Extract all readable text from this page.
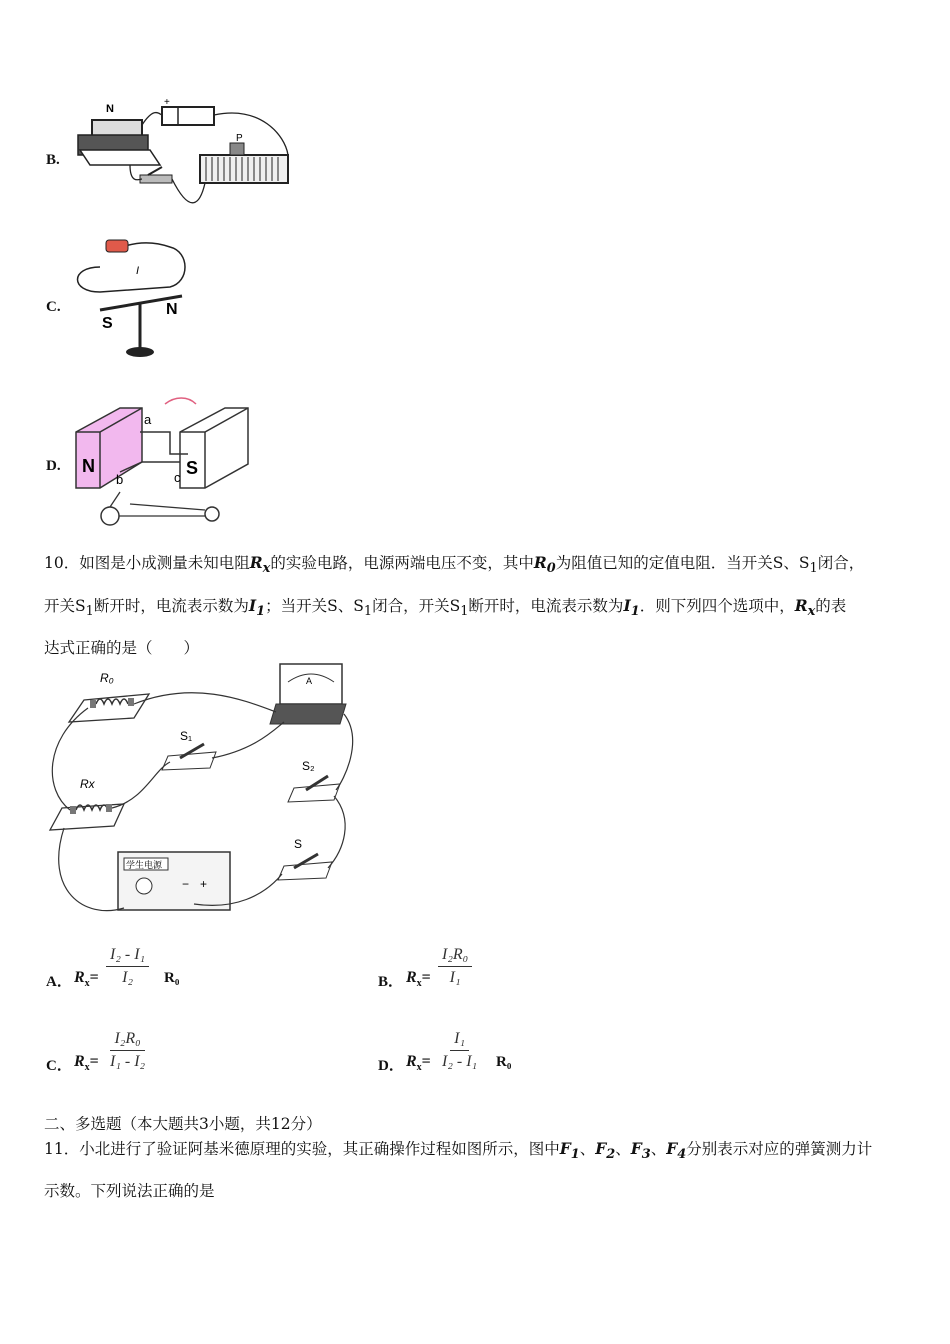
B.
N
+
P
C.
I
S
N
D. N	S
a
b	c
10．如图是小成测量未知电阻$R_x$的实验电路，电源两端电压不变，其中$R_0$为阻值已知的定值电阻．当开关S、$S_1$闭合，
开关$S_1$断开时，电流表示数为$I_1$；当开关S、$S_1$闭合，开关$S_1$断开时，电流表示数为$I_1$．则下列四个选项中，$R_x$的表
达式正确的是（　　）
R₀
Rx
A
S₁
S₂
S
学生电源
− +
A． $R_x= \frac{\text{I₂ - I₁}}{\text{I₂}} R_0$	B． $R_x= \frac{\text{I₂R₀}}{\text{I₁}}$
C． $R_x= \frac{\text{I₂R₀}}{\text{I₁ - I₂}}$	D． $R_x= \frac{\text{I₁}}{\text{I₂ - I₁}} R_0$
二、多选题（本大题共3小题，共12分）
11．小北进行了验证阿基米德原理的实验，其正确操作过程如图所示，图中$F_1$、$F_2$、$F_3$、$F_4$分别表示对应的弹簧测力计
示数。下列说法正确的是
